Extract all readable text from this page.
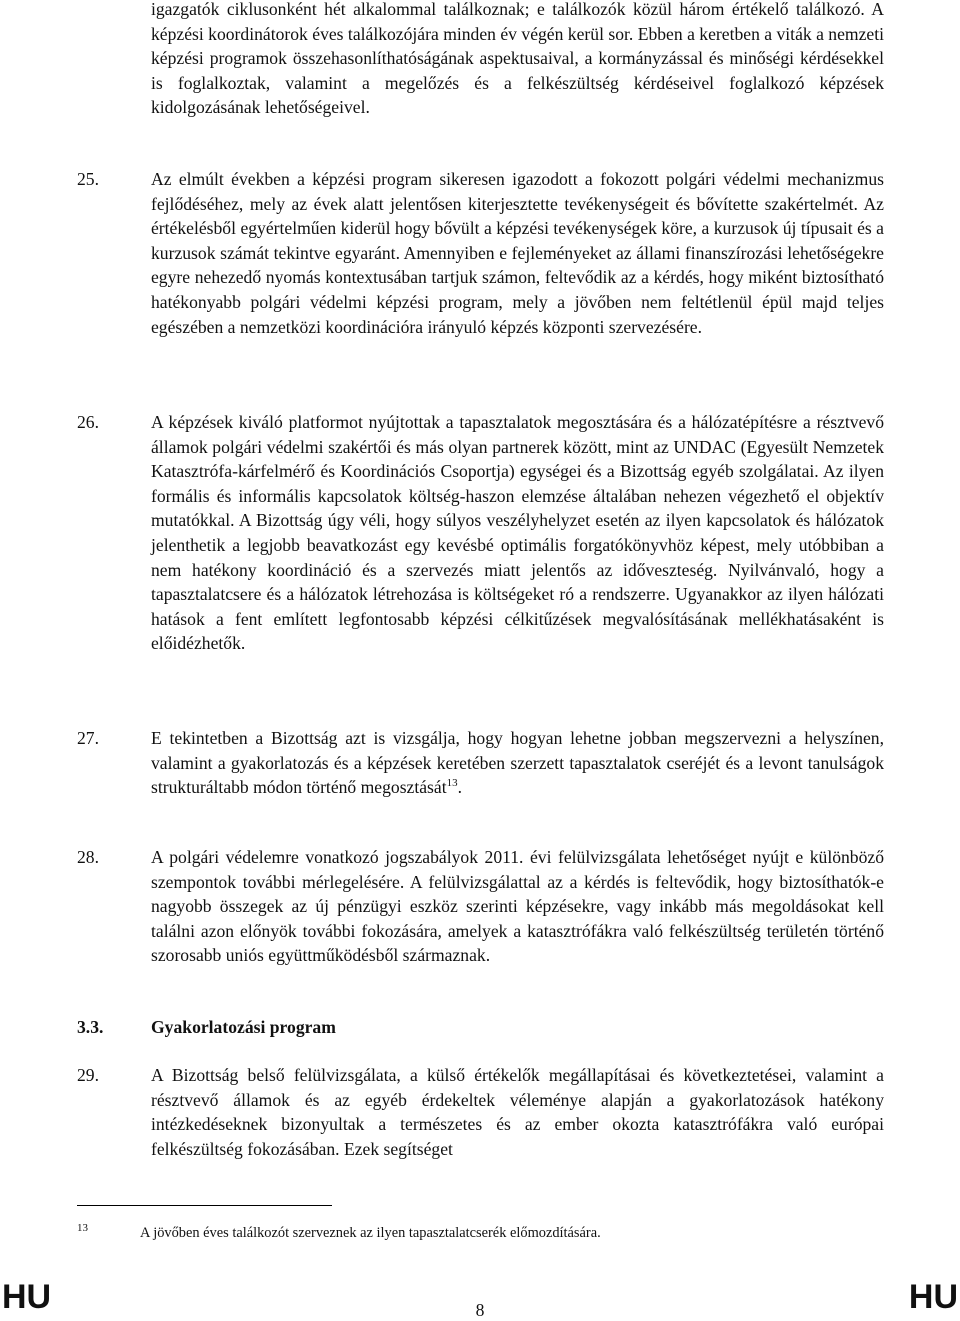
igazgatók ciklusonként hét alkalommal találkoznak; e találkozók közül három értékelő találkozó. A képzési koordinátorok éves találkozójára minden év végén kerül sor. Ebben a keretben a viták a nemzeti képzési programok összehasonlíthatóságának aspektusaival, a kormányzással és minőségi kérdésekkel is foglalkoztak, valamint a megelőzés és a felkészültség kérdéseivel foglalkozó képzések kidolgozásának lehetőségeivel.
25.	Az elmúlt években a képzési program sikeresen igazodott a fokozott polgári védelmi mechanizmus fejlődéséhez, mely az évek alatt jelentősen kiterjesztette tevékenységeit és bővítette szakértelmét. Az értékelésből egyértelműen kiderül hogy bővült a képzési tevékenységek köre, a kurzusok új típusait és a kurzusok számát tekintve egyaránt. Amennyiben e fejleményeket az állami finanszírozási lehetőségekre egyre nehezedő nyomás kontextusában tartjuk számon, feltevődik az a kérdés, hogy miként biztosítható hatékonyabb polgári védelmi képzési program, mely a jövőben nem feltétlenül épül majd teljes egészében a nemzetközi koordinációra irányuló képzés központi szervezésére.
26.	A képzések kiváló platformot nyújtottak a tapasztalatok megosztására és a hálózatépítésre a résztvevő államok polgári védelmi szakértői és más olyan partnerek között, mint az UNDAC (Egyesült Nemzetek Katasztrófa-kárfelmérő és Koordinációs Csoportja) egységei és a Bizottság egyéb szolgálatai. Az ilyen formális és informális kapcsolatok költség-haszon elemzése általában nehezen végezhető el objektív mutatókkal. A Bizottság úgy véli, hogy súlyos veszélyhelyzet esetén az ilyen kapcsolatok és hálózatok jelenthetik a legjobb beavatkozást egy kevésbé optimális forgatókönyvhöz képest, mely utóbbiban a nem hatékony koordináció és a szervezés miatt jelentős az időveszteség. Nyilvánvaló, hogy a tapasztalatcsere és a hálózatok létrehozása is költségeket ró a rendszerre. Ugyanakkor az ilyen hálózati hatások a fent említett legfontosabb képzési célkitűzések megvalósításának mellékhatásaként is előidézhetők.
27.	E tekintetben a Bizottság azt is vizsgálja, hogy hogyan lehetne jobban megszervezni a helyszínen, valamint a gyakorlatozás és a képzések keretében szerzett tapasztalatok cseréjét és a levont tanulságok strukturáltabb módon történő megosztását$^{13}$.
28.	A polgári védelemre vonatkozó jogszabályok 2011. évi felülvizsgálata lehetőséget nyújt e különböző szempontok további mérlegelésére. A felülvizsgálattal az a kérdés is feltevődik, hogy biztosíthatók-e nagyobb összegek az új pénzügyi eszköz szerinti képzésekre, vagy inkább más megoldásokat kell találni azon előnyök további fokozására, amelyek a katasztrófákra való felkészültség területén történő szorosabb uniós együttműködésből származnak.
3.3.	Gyakorlatozási program
29.	A Bizottság belső felülvizsgálata, a külső értékelők megállapításai és következtetései, valamint a résztvevő államok és az egyéb érdekeltek véleménye alapján a gyakorlatozások hatékony intézkedéseknek bizonyultak a természetes és az ember okozta katasztrófákra való európai felkészültség fokozásában. Ezek segítséget
13	A jövőben éves találkozót szerveznek az ilyen tapasztalatcserék előmozdítására.
HU	8	HU
